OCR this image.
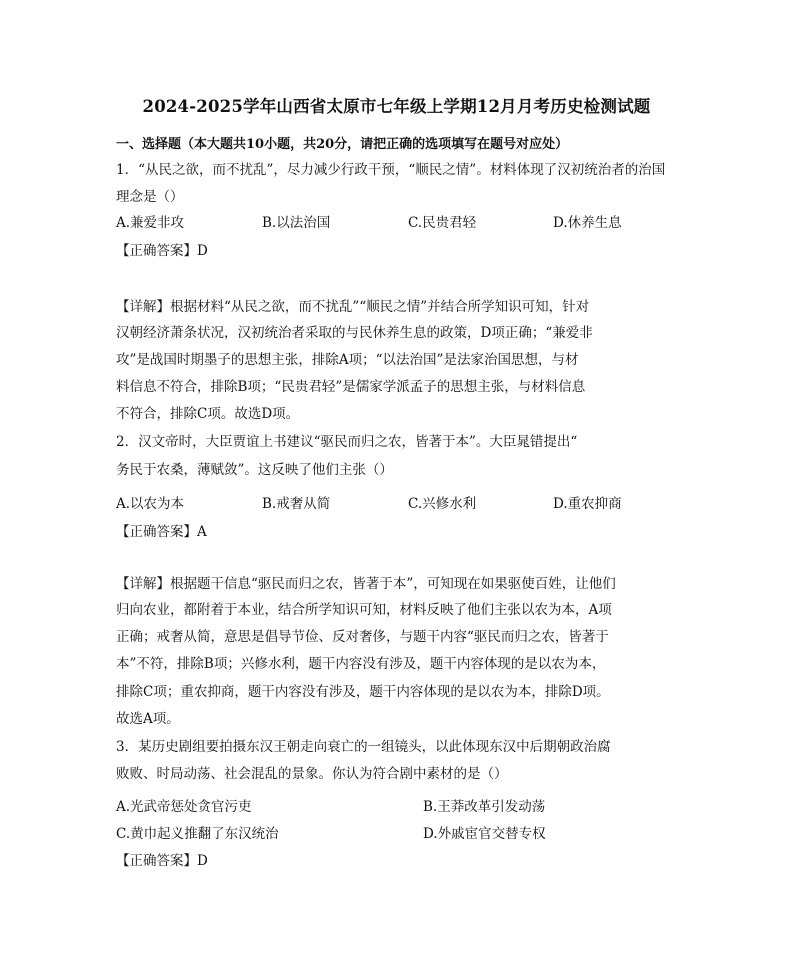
2024-2025学年山西省太原市七年级上学期12月月考历史检测试题
一、选择题（本大题共10小题，共20分，请把正确的选项填写在题号对应处）
1．“从民之欲，而不扰乱”，尽力减少行政干预，“顺民之情”。材料体现了汉初统治者的治国
理念是（）
A.兼爱非攻	B.以法治国	C.民贵君轻	D.休养生息
【正确答案】D
【详解】根据材料“从民之欲，而不扰乱”“顺民之情”并结合所学知识可知，针对
汉朝经济萧条状况，汉初统治者采取的与民休养生息的政策，D项正确；“兼爱非
攻”是战国时期墨子的思想主张，排除A项；“以法治国”是法家治国思想，与材
料信息不符合，排除B项；“民贵君轻”是儒家学派孟子的思想主张，与材料信息
不符合，排除C项。故选D项。
2．汉文帝时，大臣贾谊上书建议“驱民而归之农，皆著于本”。大臣晁错提出“
务民于农桑，薄赋敛”。这反映了他们主张（）
A.以农为本	B.戒奢从简	C.兴修水利	D.重农抑商
【正确答案】A
【详解】根据题干信息“驱民而归之农，皆著于本”，可知现在如果驱使百姓，让他们
归向农业，都附着于本业，结合所学知识可知，材料反映了他们主张以农为本，A项
正确；戒奢从简，意思是倡导节俭、反对奢侈，与题干内容“驱民而归之农，皆著于
本”不符，排除B项；兴修水利，题干内容没有涉及，题干内容体现的是以农为本，
排除C项；重农抑商，题干内容没有涉及，题干内容体现的是以农为本，排除D项。
故选A项。
3．某历史剧组要拍摄东汉王朝走向衰亡的一组镜头，以此体现东汉中后期朝政治腐
败败、时局动荡、社会混乱的景象。你认为符合剧中素材的是（）
A.光武帝惩处贪官污吏	B.王莽改革引发动荡
C.黄巾起义推翻了东汉统治	D.外戚宦官交替专权
【正确答案】D
